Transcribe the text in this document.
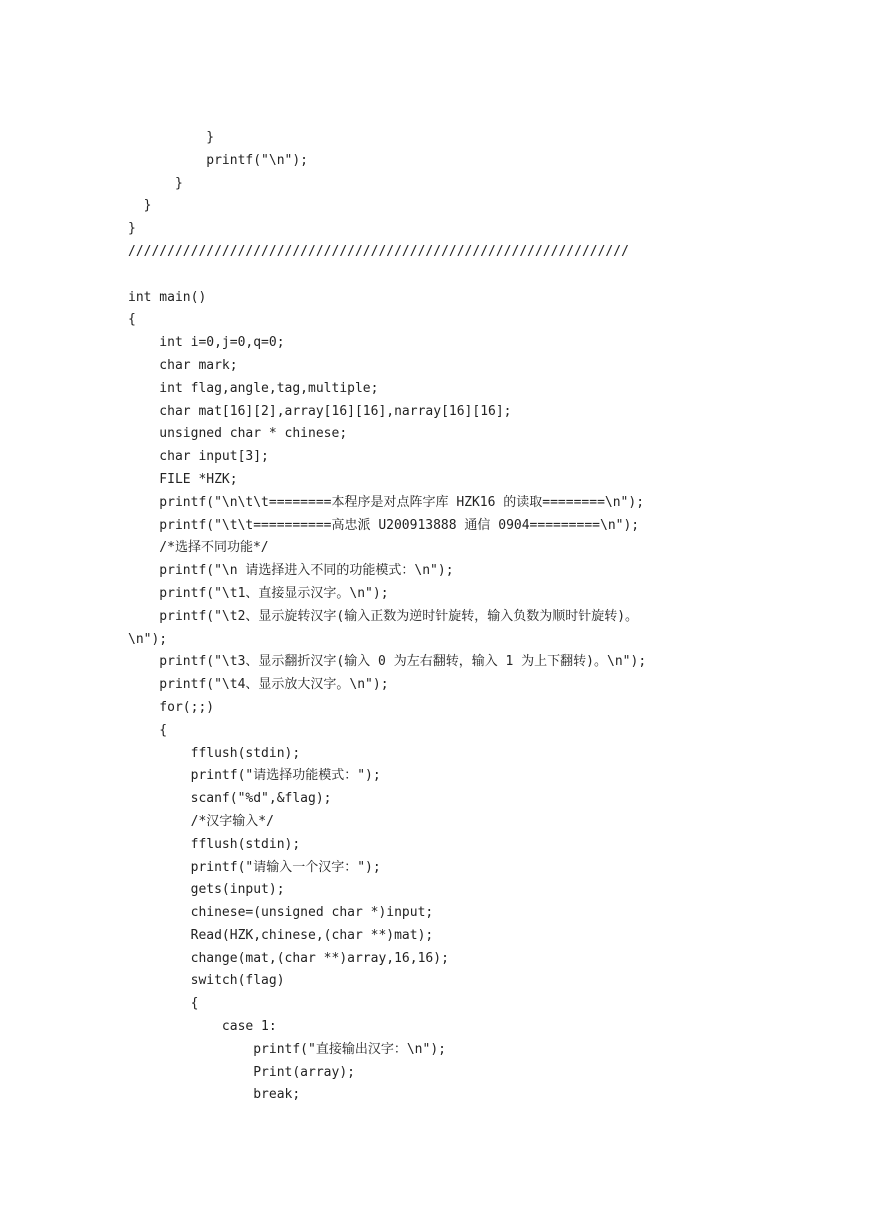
}
printf("\n");
}
}
}
////////////////////////////////////////////////////////////////
int main()
{
int i=0,j=0,q=0;
char mark;
int flag,angle,tag,multiple;
char mat[16][2],array[16][16],narray[16][16];
unsigned char * chinese;
char input[3];
FILE *HZK;
printf("\n\t\t========本程序是对点阵字库 HZK16 的读取========\n");
printf("\t\t==========高忠派 U200913888 通信 0904=========\n");
/*选择不同功能*/
printf("\n 请选择进入不同的功能模式：\n");
printf("\t1、直接显示汉字。\n");
printf("\t2、显示旋转汉字(输入正数为逆时针旋转，输入负数为顺时针旋转)。
\n");
printf("\t3、显示翻折汉字(输入 0 为左右翻转，输入 1 为上下翻转)。\n");
printf("\t4、显示放大汉字。\n");
for(;;)
{
fflush(stdin);
printf("请选择功能模式：");
scanf("%d",&flag);
/*汉字输入*/
fflush(stdin);
printf("请输入一个汉字：");
gets(input);
chinese=(unsigned char *)input;
Read(HZK,chinese,(char **)mat);
change(mat,(char **)array,16,16);
switch(flag)
{
case 1:
printf("直接输出汉字：\n");
Print(array);
break;
